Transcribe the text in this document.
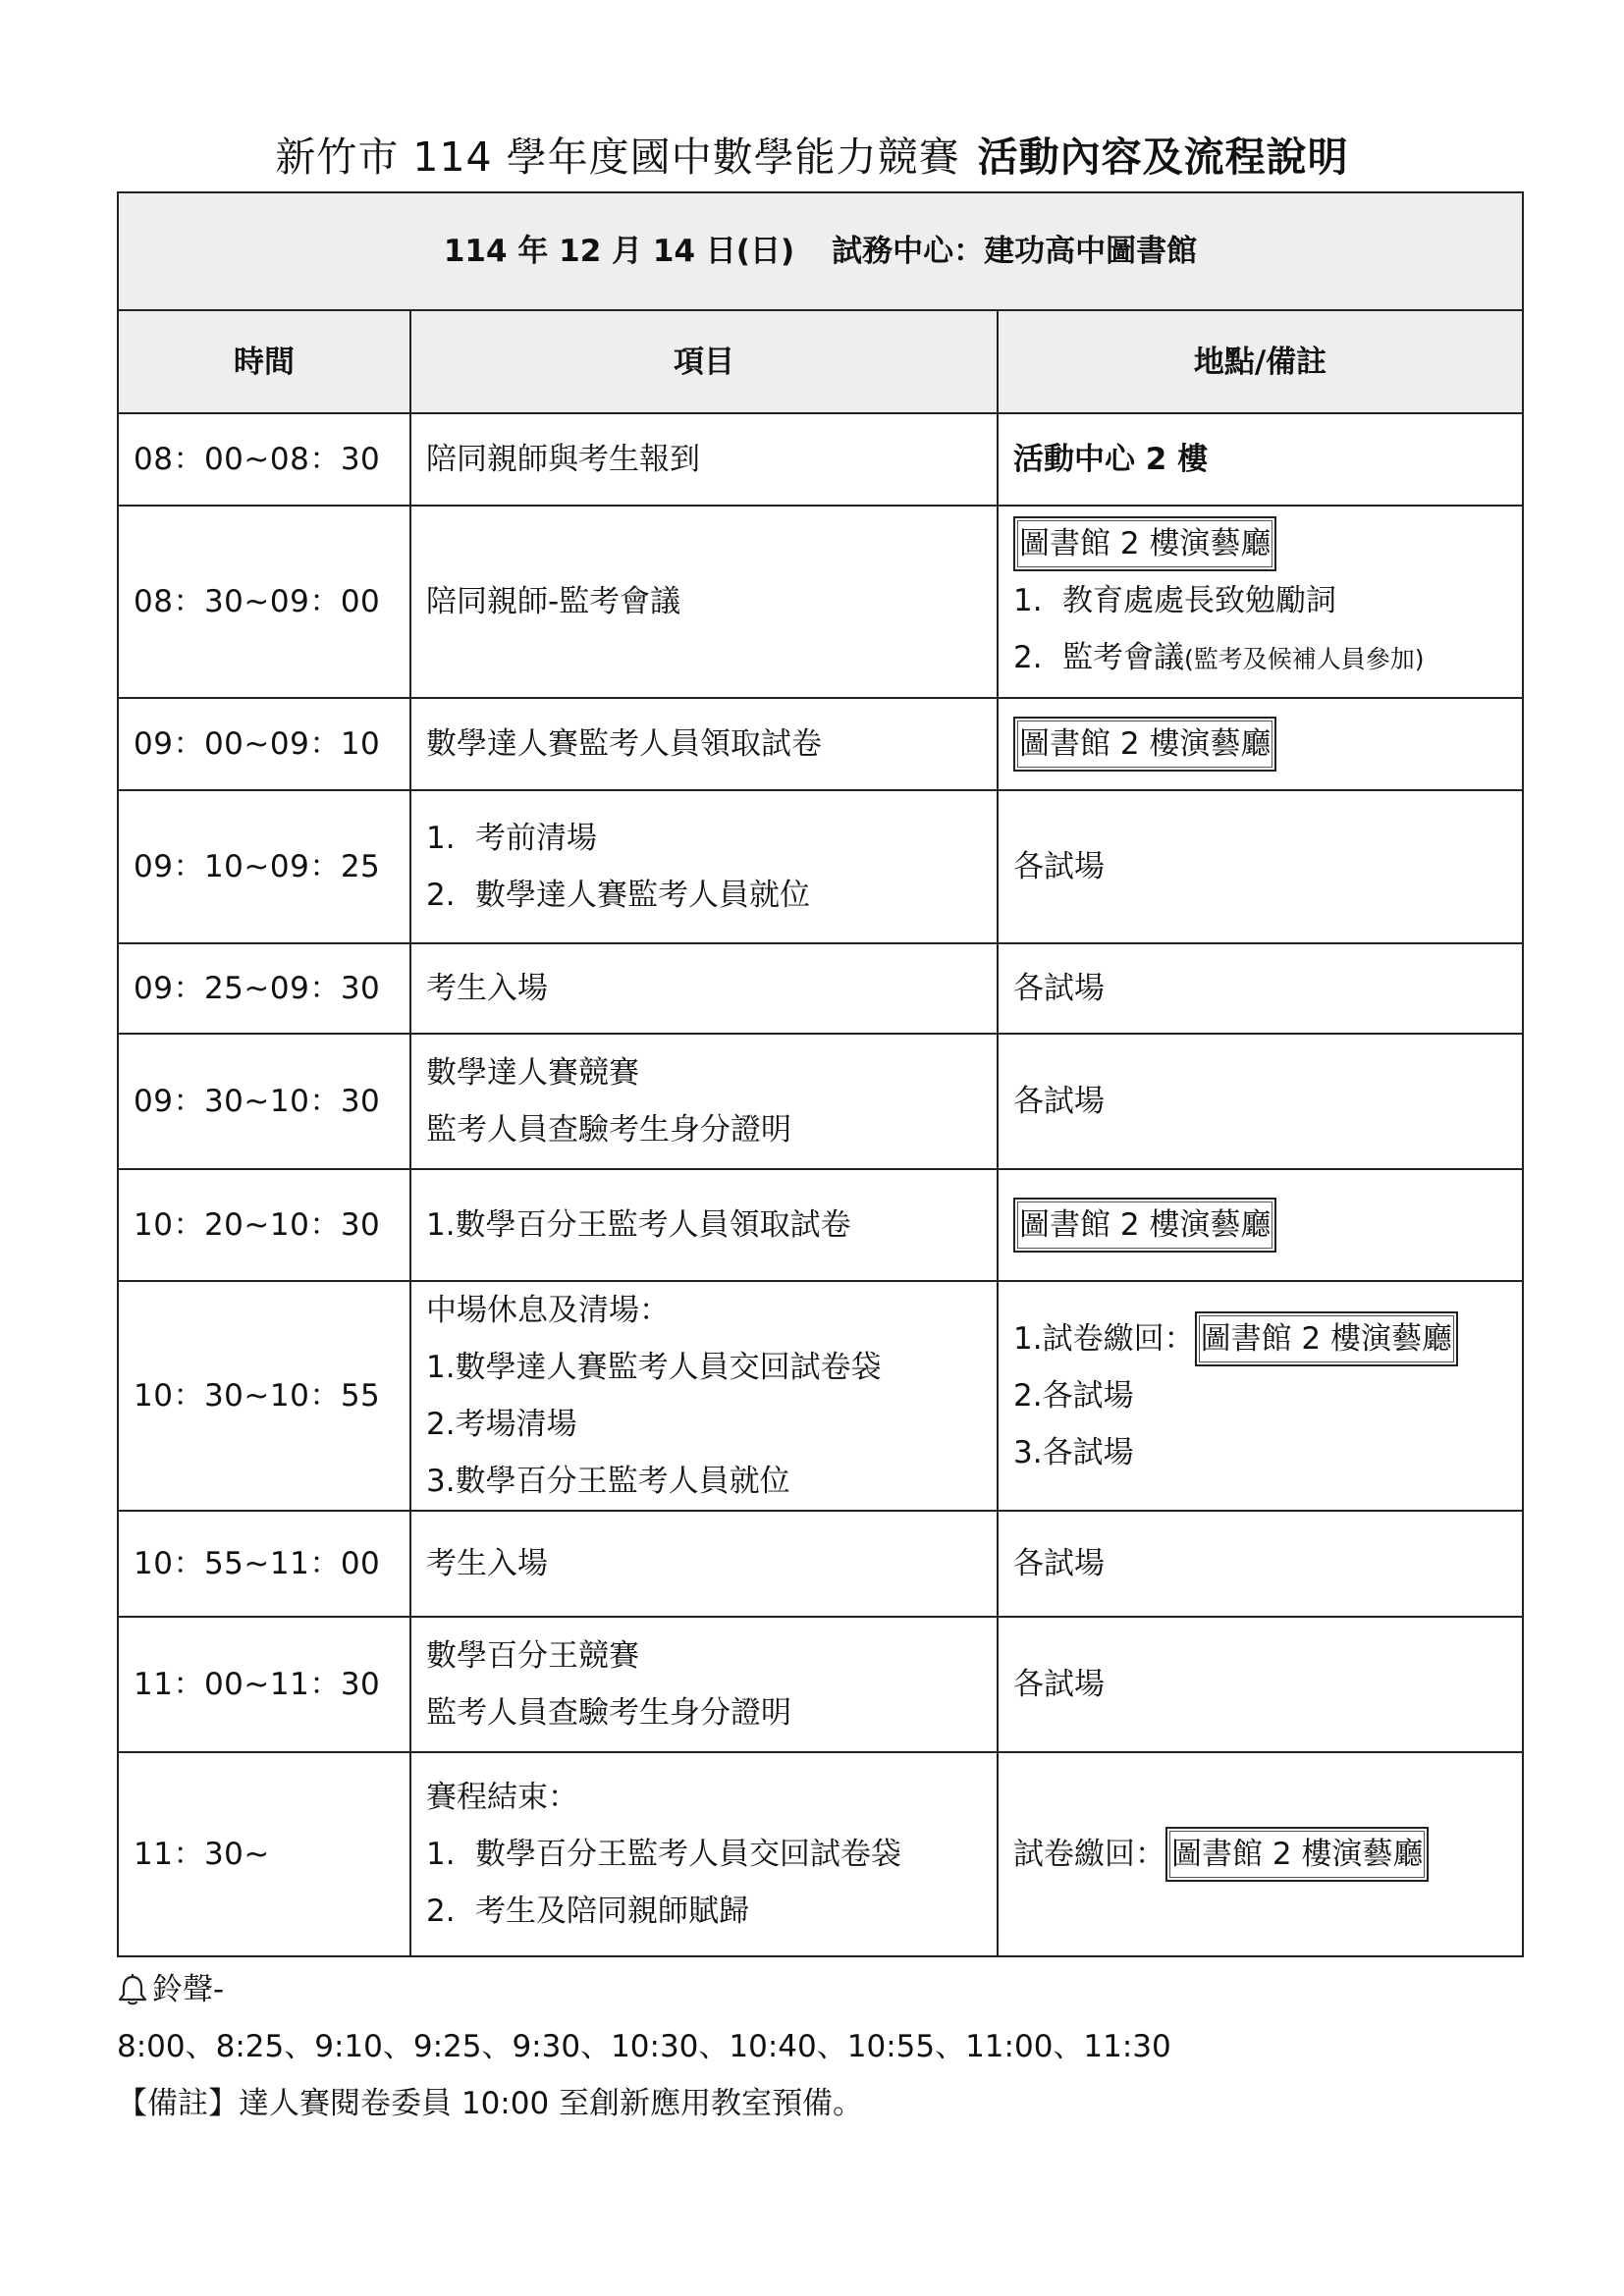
新竹市 114 學年度國中數學能力競賽 活動內容及流程說明
114 年 12 月 14 日(日) 試務中心：建功高中圖書館		
時間	項目	地點/備註
08：00~08：30	陪同親師與考生報到	活動中心 2 樓

08：30~09：00	陪同親師-監考會議	圖書館 2 樓演藝廳
1. 教育處處長致勉勵詞
2. 監考會議(監考及候補人員參加)

09：00~09：10	數學達人賽監考人員領取試卷	圖書館 2 樓演藝廳
09：10~09：25	1. 考前清場
2. 數學達人賽監考人員就位	各試場

09：25~09：30	考生入場	各試場

09：30~10：30	數學達人賽競賽
監考人員查驗考生身分證明	各試場

10：20~10：30	1.數學百分王監考人員領取試卷	圖書館 2 樓演藝廳
10：30~10：55	中場休息及清場：
1.數學達人賽監考人員交回試卷袋
2.考場清場
3.數學百分王監考人員就位	1.試卷繳回： 圖書館 2 樓演藝廳
2.各試場
3.各試場

10：55~11：00	考生入場	各試場

11：00~11：30	數學百分王競賽
監考人員查驗考生身分證明	各試場

11：30~	賽程結束：
1. 數學百分王監考人員交回試卷袋
2. 考生及陪同親師賦歸	試卷繳回： 圖書館 2 樓演藝廳
鈴聲-
8:00、8:25、9:10、9:25、9:30、10:30、10:40、10:55、11:00、11:30
【備註】達人賽閱卷委員 10:00 至創新應用教室預備。
